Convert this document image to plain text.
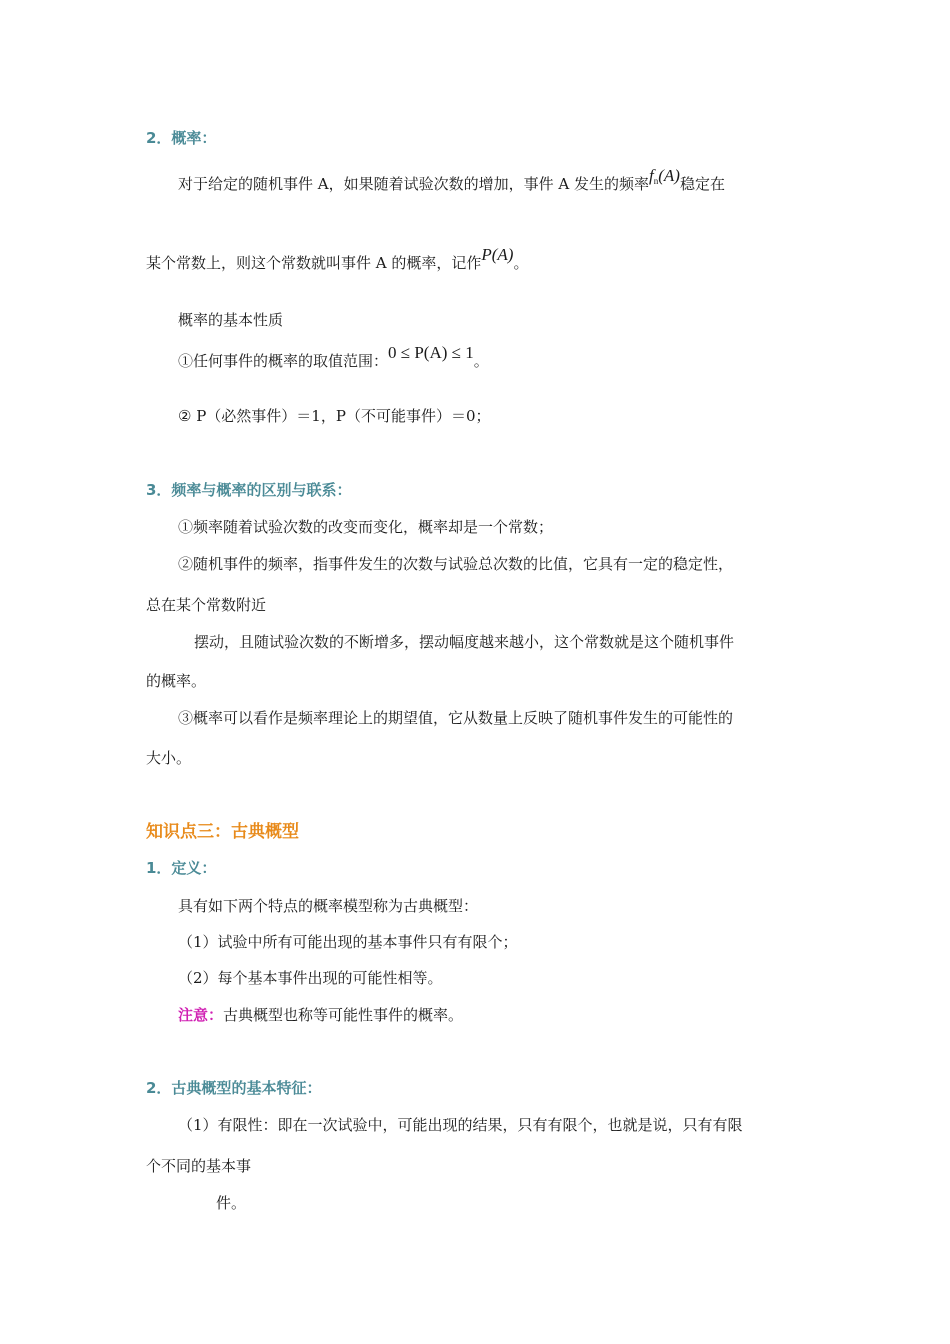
2．概率：
对于给定的随机事件 A，如果随着试验次数的增加，事件 A 发生的频率$f_n(A)$稳定在
某个常数上，则这个常数就叫事件 A 的概率，记作P(A)。
概率的基本性质
①任何事件的概率的取值范围：0 ≤ P(A) ≤ 1。
② P（必然事件）＝1，P（不可能事件）＝0；
3．频率与概率的区别与联系：
①频率随着试验次数的改变而变化，概率却是一个常数；
②随机事件的频率，指事件发生的次数与试验总次数的比值，它具有一定的稳定性，
总在某个常数附近
摆动，且随试验次数的不断增多，摆动幅度越来越小，这个常数就是这个随机事件
的概率。
③概率可以看作是频率理论上的期望值，它从数量上反映了随机事件发生的可能性的
大小。
知识点三：古典概型
1．定义：
具有如下两个特点的概率模型称为古典概型：
（1）试验中所有可能出现的基本事件只有有限个；
（2）每个基本事件出现的可能性相等。
注意：古典概型也称等可能性事件的概率。
2．古典概型的基本特征：
（1）有限性：即在一次试验中，可能出现的结果，只有有限个，也就是说，只有有限
个不同的基本事
件。
